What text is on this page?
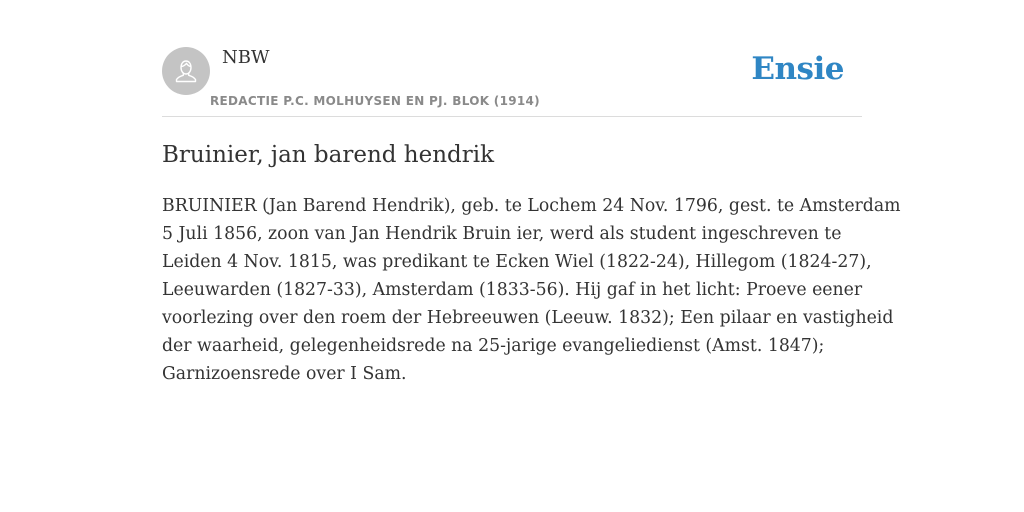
NBW
REDACTIE P.C. MOLHUYSEN EN PJ. BLOK (1914)
Ensie
Bruinier, jan barend hendrik

BRUINIER (Jan Barend Hendrik), geb. te Lochem 24 Nov. 1796, gest. te Amsterdam
5 Juli 1856, zoon van Jan Hendrik Bruin ier, werd als student ingeschreven te
Leiden 4 Nov. 1815, was predikant te Ecken Wiel (1822-24), Hillegom (1824-27),
Leeuwarden (1827-33), Amsterdam (1833-56). Hij gaf in het licht: Proeve eener
voorlezing over den roem der Hebreeuwen (Leeuw. 1832); Een pilaar en vastigheid
der waarheid, gelegenheidsrede na 25-jarige evangeliedienst (Amst. 1847);
Garnizoensrede over I Sam.
